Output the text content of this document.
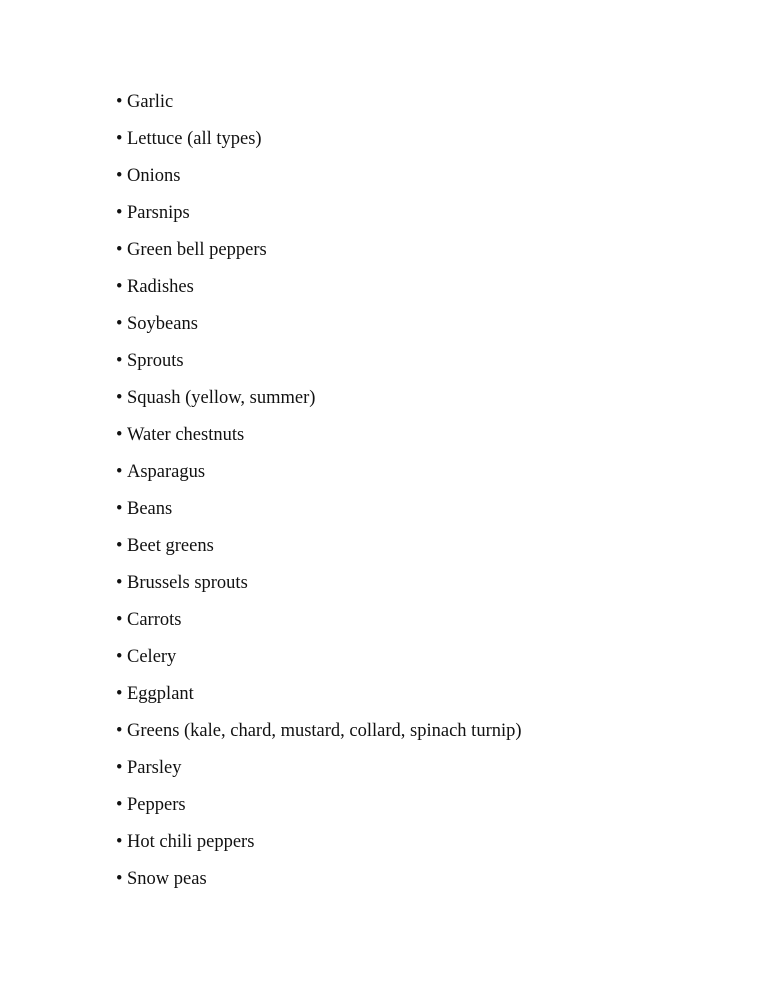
• Garlic
• Lettuce (all types)
• Onions
• Parsnips
• Green bell peppers
• Radishes
• Soybeans
• Sprouts
• Squash (yellow, summer)
• Water chestnuts
• Asparagus
• Beans
• Beet greens
• Brussels sprouts
• Carrots
• Celery
• Eggplant
• Greens (kale, chard, mustard, collard, spinach turnip)
• Parsley
• Peppers
• Hot chili peppers
• Snow peas
